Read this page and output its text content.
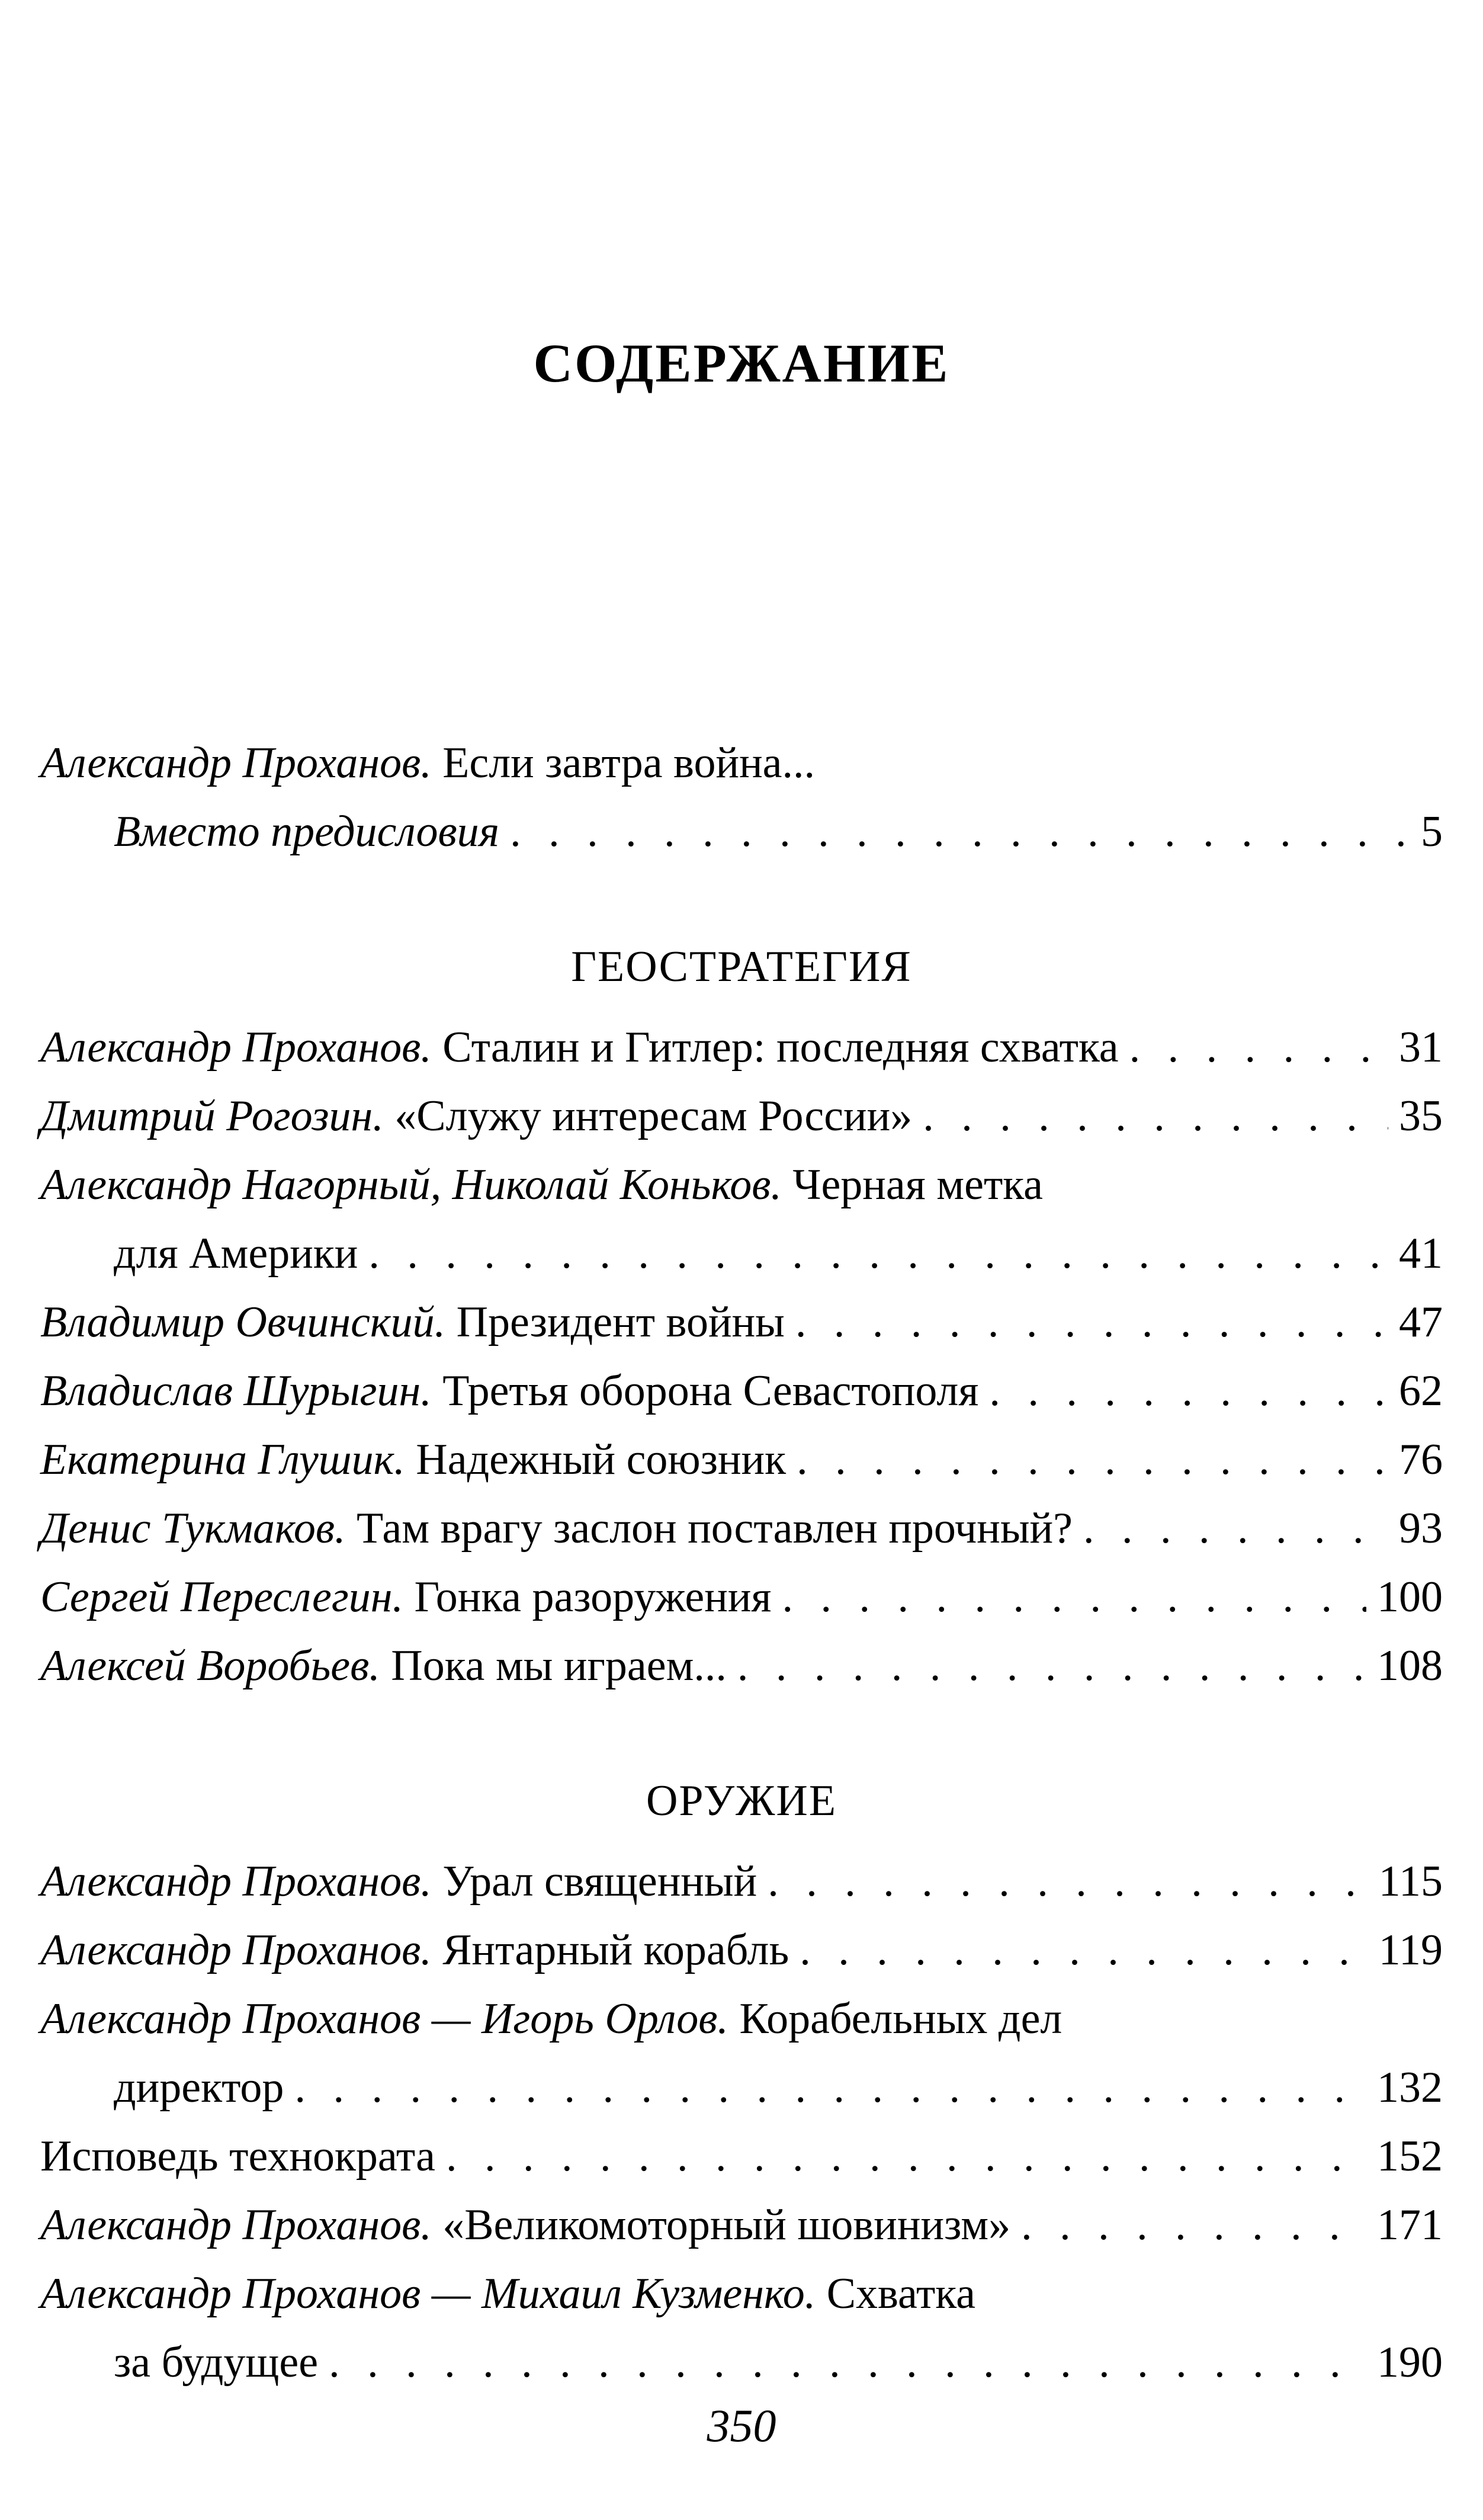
СОДЕРЖАНИЕ
Александр Проханов.
Если завтра война...
Вместо предисловия . . .	5
ГЕОСТРАТЕГИЯ
Александр Проханов.
Сталин и Гитлер: последняя схватка . . .	31
Дмитрий Рогозин.
«Служу интересам России» . . .	35
Александр Нагорный, Николай Коньков.
Черная метка
для Америки . . .	41
Владимир Овчинский.
Президент войны . . .	47
Владислав Шурыгин.
Третья оборона Севастополя . . .	62
Екатерина Глушик.
Надежный союзник . . .	76
Денис Тукмаков.
Там врагу заслон поставлен прочный? . . .	93
Сергей Переслегин.
Гонка разоружения . . .	100
Алексей Воробьев.
Пока мы играем... . . .	108
ОРУЖИЕ
Александр Проханов.
Урал священный . . .	115
Александр Проханов.
Янтарный корабль . . .	119
Александр Проханов — Игорь Орлов.
Корабельных дел
директор . . .	132
Исповедь технократа . . .	152
Александр Проханов.
«Великомоторный шовинизм» . . .	171
Александр Проханов — Михаил Кузменко.
Схватка
за будущее . . .	190
350
